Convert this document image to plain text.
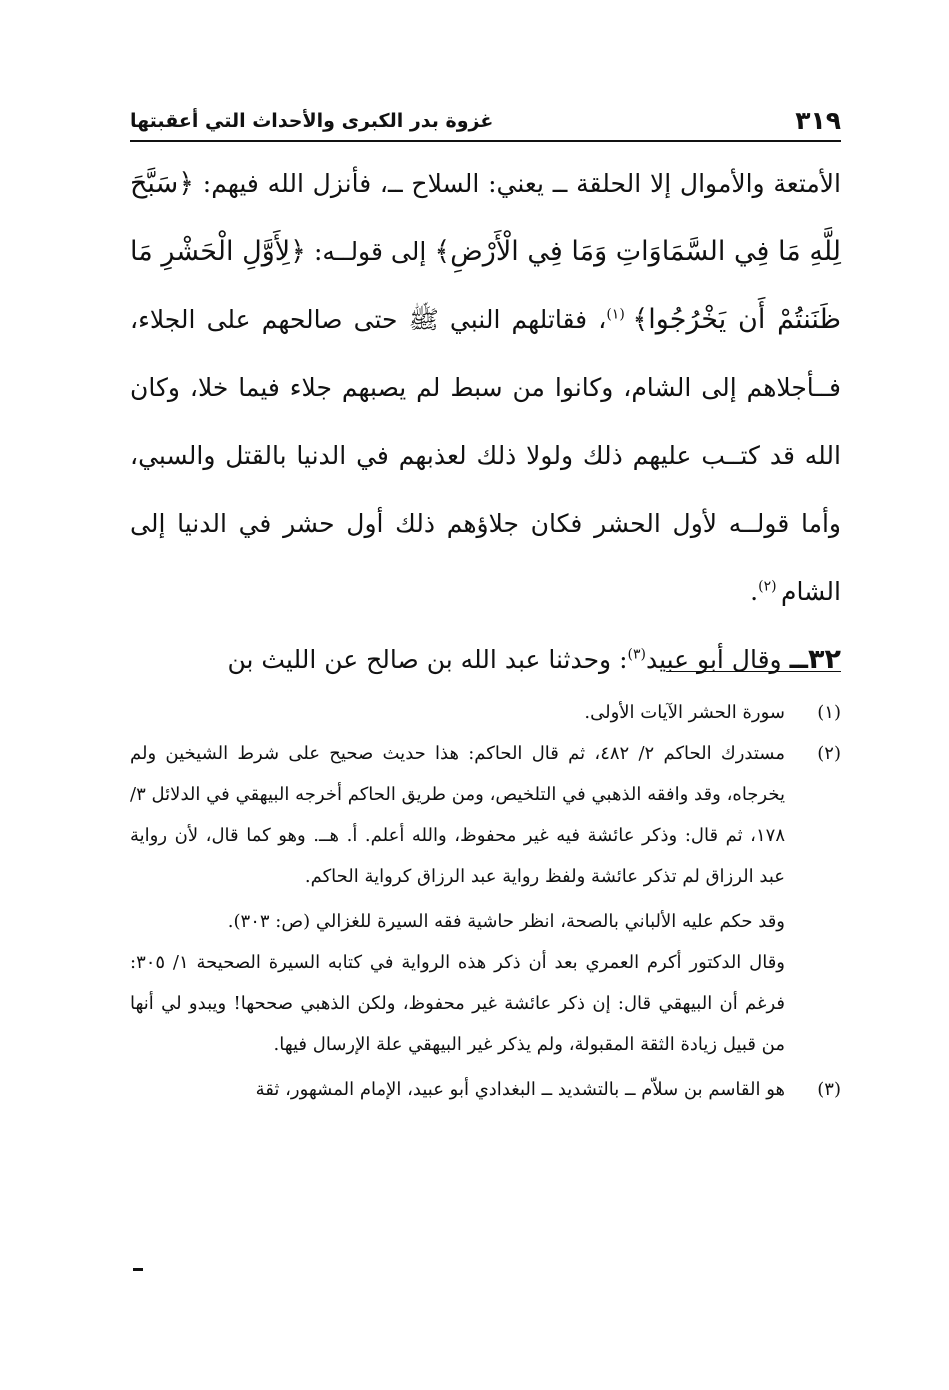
٣١٩
غزوة بدر الكبرى والأحداث التي أعقبتها

الأمتعة والأموال إلا الحلقة ــ يعني: السلاح ــ، فأنزل الله فيهم: ﴿سَبَّحَ لِلَّهِ مَا فِي السَّمَاوَاتِ وَمَا فِي الْأَرْضِ﴾ إلى قولــه: ﴿لِأَوَّلِ الْحَشْرِ مَا ظَنَنتُمْ أَن يَخْرُجُوا﴾ $^{(١)}$، فقاتلهم النبي ﷺ حتى صالحهم على الجلاء، فــأجلاهم إلى الشام، وكانوا من سبط لم يصبهم جلاء فيما خلا، وكان الله قد كتــب عليهم ذلك ولولا ذلك لعذبهم في الدنيا بالقتل والسبي، وأما قولــه لأول الحشر فكان جلاؤهم ذلك أول حشر في الدنيا إلى الشام $^{(٢)}$.

٣٢ــ وقال أبو عبيد$^{(٣)}$: وحدثنا عبد الله بن صالح عن الليث بن

(١)
سورة الحشر الآيات الأولى.
(٢)

مستدرك الحاكم ٢/ ٤٨٢، ثم قال الحاكم: هذا حديث صحيح على شرط الشيخين ولم يخرجاه، وقد وافقه الذهبي في التلخيص، ومن طريق الحاكم أخرجه البيهقي في الدلائل ٣/ ١٧٨، ثم قال: وذكر عائشة فيه غير محفوظ، والله أعلم. أ. هــ. وهو كما قال، لأن رواية عبد الرزاق لم تذكر عائشة ولفظ رواية عبد الرزاق كرواية الحاكم.

وقد حكم عليه الألباني بالصحة، انظر حاشية فقه السيرة للغزالي (ص: ٣٠٣).

وقال الدكتور أكرم العمري بعد أن ذكر هذه الرواية في كتابه السيرة الصحيحة ١/ ٣٠٥: فرغم أن البيهقي قال: إن ذكر عائشة غير محفوظ، ولكن الذهبي صححها! ويبدو لي أنها من قبيل زيادة الثقة المقبولة، ولم يذكر غير البيهقي علة الإرسال فيها.

(٣)
هو القاسم بن سلاّم ــ بالتشديد ــ البغدادي أبو عبيد، الإمام المشهور، ثقة
